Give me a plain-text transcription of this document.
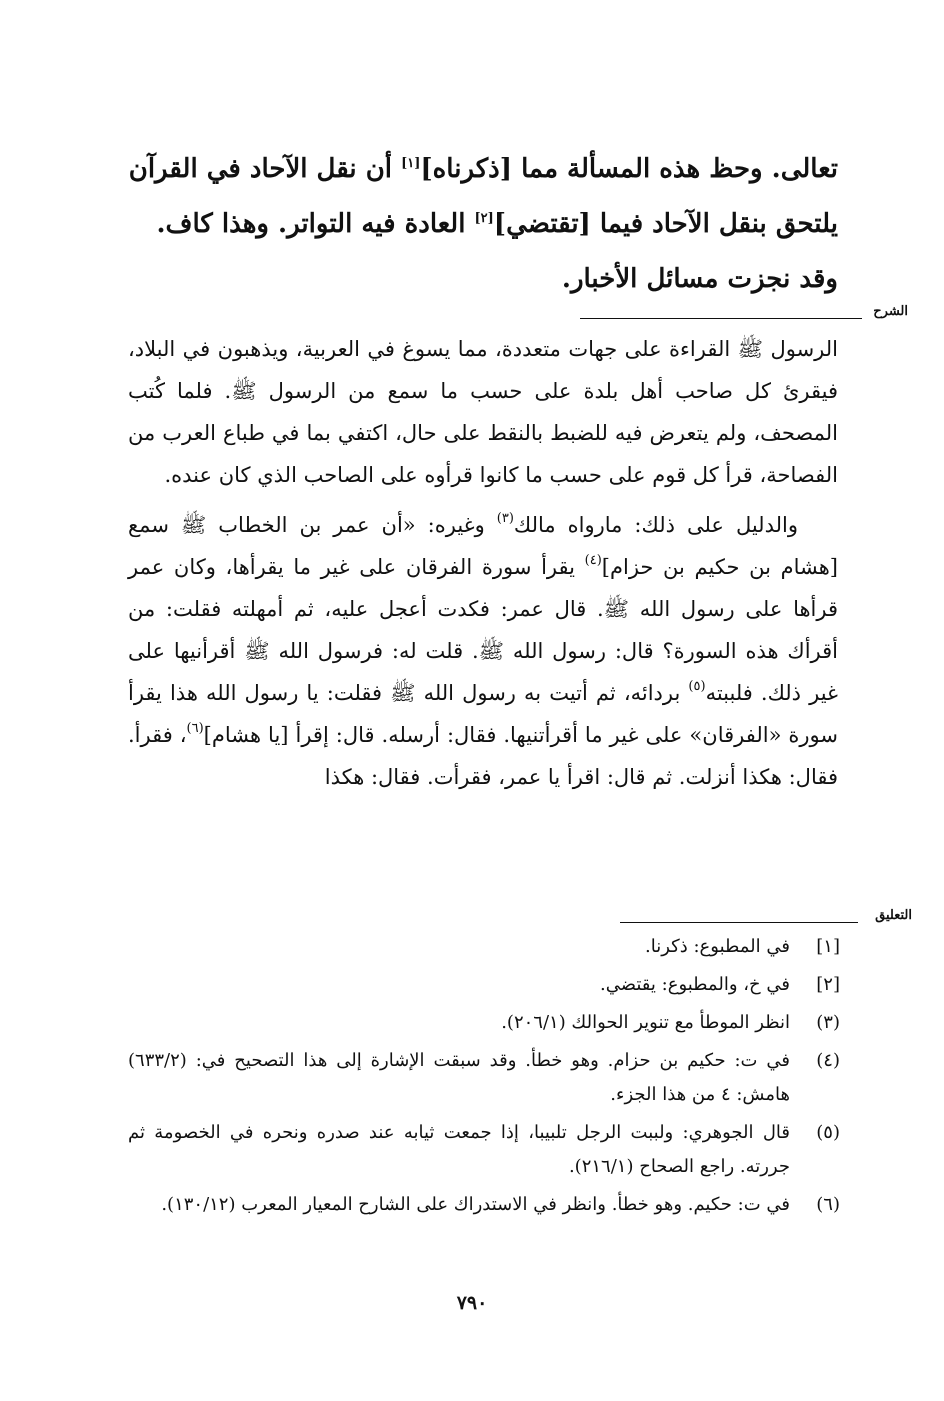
تعالى. وحظ هذه المسألة مما [ذكرناه][١] أن نقل الآحاد في القرآن

يلتحق بنقل الآحاد فيما [تقتضي][٢] العادة فيه التواتر. وهذا كاف.

وقد نجزت مسائل الأخبار.

الشرح

الرسول ﷺ القراءة على جهات متعددة، مما يسوغ في العربية، ويذهبون في البلاد، فيقرئ كل صاحب أهل بلدة على حسب ما سمع من الرسول ﷺ. فلما كُتب المصحف، ولم يتعرض فيه للضبط بالنقط على حال، اكتفي بما في طباع العرب من الفصاحة، قرأ كل قوم على حسب ما كانوا قرأوه على الصاحب الذي كان عنده.

والدليل على ذلك: مارواه مالك$^{(٣)}$ وغيره: «أن عمر بن الخطاب ﷺ سمع [هشام بن حكيم بن حزام]$^{(٤)}$ يقرأ سورة الفرقان على غير ما يقرأها، وكان عمر قرأها على رسول الله ﷺ. قال عمر: فكدت أعجل عليه، ثم أمهلته فقلت: من أقرأك هذه السورة؟ قال: رسول الله ﷺ. قلت له: فرسول الله ﷺ أقرأنيها على غير ذلك. فلببته$^{(٥)}$ بردائه، ثم أتيت به رسول الله ﷺ فقلت: يا رسول الله هذا يقرأ سورة «الفرقان» على غير ما أقرأتنيها. فقال: أرسله. قال: إقرأ [يا هشام]$^{(٦)}$، فقرأ. فقال: هكذا أنزلت. ثم قال: اقرأ يا عمر، فقرأت. فقال: هكذا

التعليق
[١]
في المطبوع: ذكرنا.
[٢]
في خ، والمطبوع: يقتضي.
(٣)
انظر الموطأ مع تنوير الحوالك (٢٠٦/١).
(٤)
في ت: حكيم بن حزام. وهو خطأ. وقد سبقت الإشارة إلى هذا التصحيح في: (٦٣٣/٢) هامش: ٤ من هذا الجزء.
(٥)
قال الجوهري: ولببت الرجل تلبيبا، إذا جمعت ثيابه عند صدره ونحره في الخصومة ثم جررته. راجع الصحاح (٢١٦/١).
(٦)
في ت: حكيم. وهو خطأ. وانظر في الاستدراك على الشارح المعيار المعرب (١٣٠/١٢).
٧٩٠
